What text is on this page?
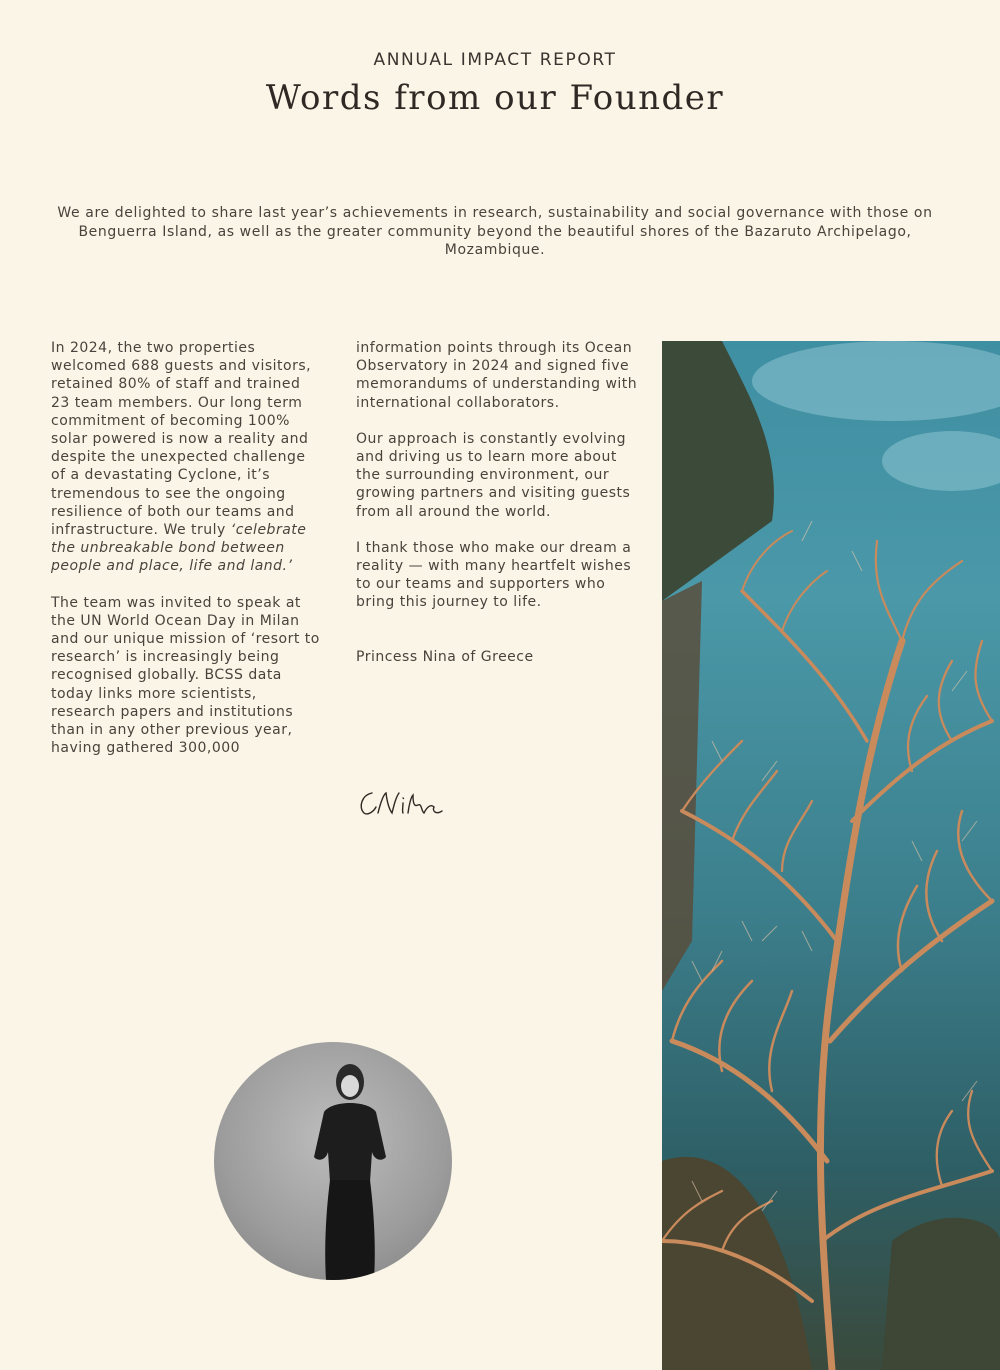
ANNUAL IMPACT REPORT
Words from our Founder
We are delighted to share last year’s achievements in research, sustainability and social governance with those on Benguerra Island, as well as the greater community beyond the beautiful shores of the Bazaruto Archipelago, Mozambique.

In 2024, the two properties welcomed 688 guests and visitors, retained 80% of staff and trained 23 team members. Our long term commitment of becoming 100% solar powered is now a reality and despite the unexpected challenge of a devastating Cyclone, it’s tremendous to see the ongoing resilience of both our teams and infrastructure. We truly ‘celebrate the unbreakable bond between people and place, life and land.’

The team was invited to speak at the UN World Ocean Day in Milan and our unique mission of ‘resort to research’ is increasingly being recognised globally. BCSS data today links more scientists, research papers and institutions than in any other previous year, having gathered 300,000

information points through its Ocean Observatory in 2024 and signed five memorandums of understanding with international collaborators.

Our approach is constantly evolving and driving us to learn more about the surrounding environment, our growing partners and visiting guests from all around the world.

I thank those who make our dream a reality — with many heartfelt wishes to our teams and supporters who bring this journey to life.

Princess Nina of Greece
